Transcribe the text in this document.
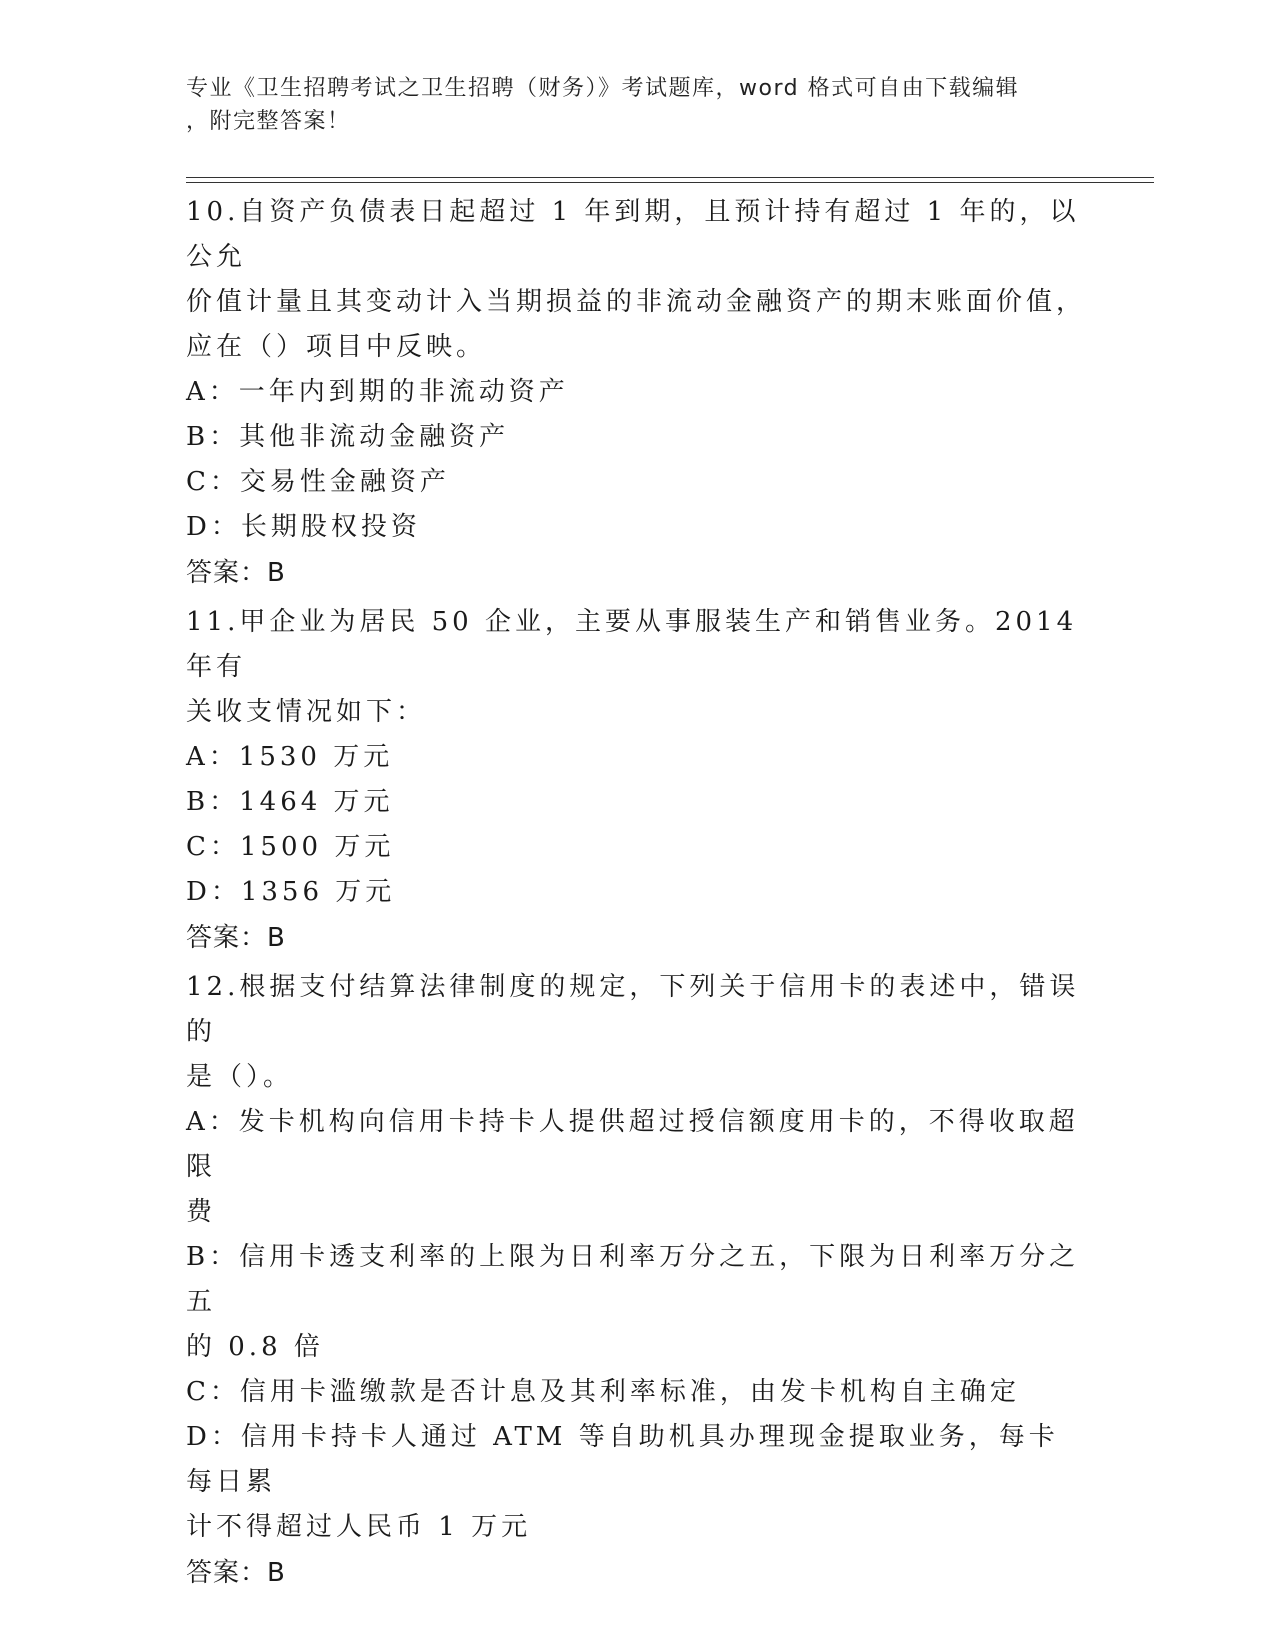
专业《卫生招聘考试之卫生招聘（财务）》考试题库，word 格式可自由下载编辑
，附完整答案！

10.自资产负债表日起超过 1 年到期，且预计持有超过 1 年的，以公允

价值计量且其变动计入当期损益的非流动金融资产的期末账面价值，

应在（）项目中反映。

A：一年内到期的非流动资产

B：其他非流动金融资产

C：交易性金融资产

D：长期股权投资

答案：B

11.甲企业为居民 50 企业，主要从事服装生产和销售业务。2014 年有

关收支情况如下：

A：1530 万元

B：1464 万元

C：1500 万元

D：1356 万元

答案：B

12.根据支付结算法律制度的规定，下列关于信用卡的表述中，错误的

是（）。

A：发卡机构向信用卡持卡人提供超过授信额度用卡的，不得收取超限

费

B：信用卡透支利率的上限为日利率万分之五，下限为日利率万分之五

的 0.8 倍

C：信用卡滥缴款是否计息及其利率标准，由发卡机构自主确定

D：信用卡持卡人通过 ATM 等自助机具办理现金提取业务，每卡每日累

计不得超过人民币 1 万元

答案：B
